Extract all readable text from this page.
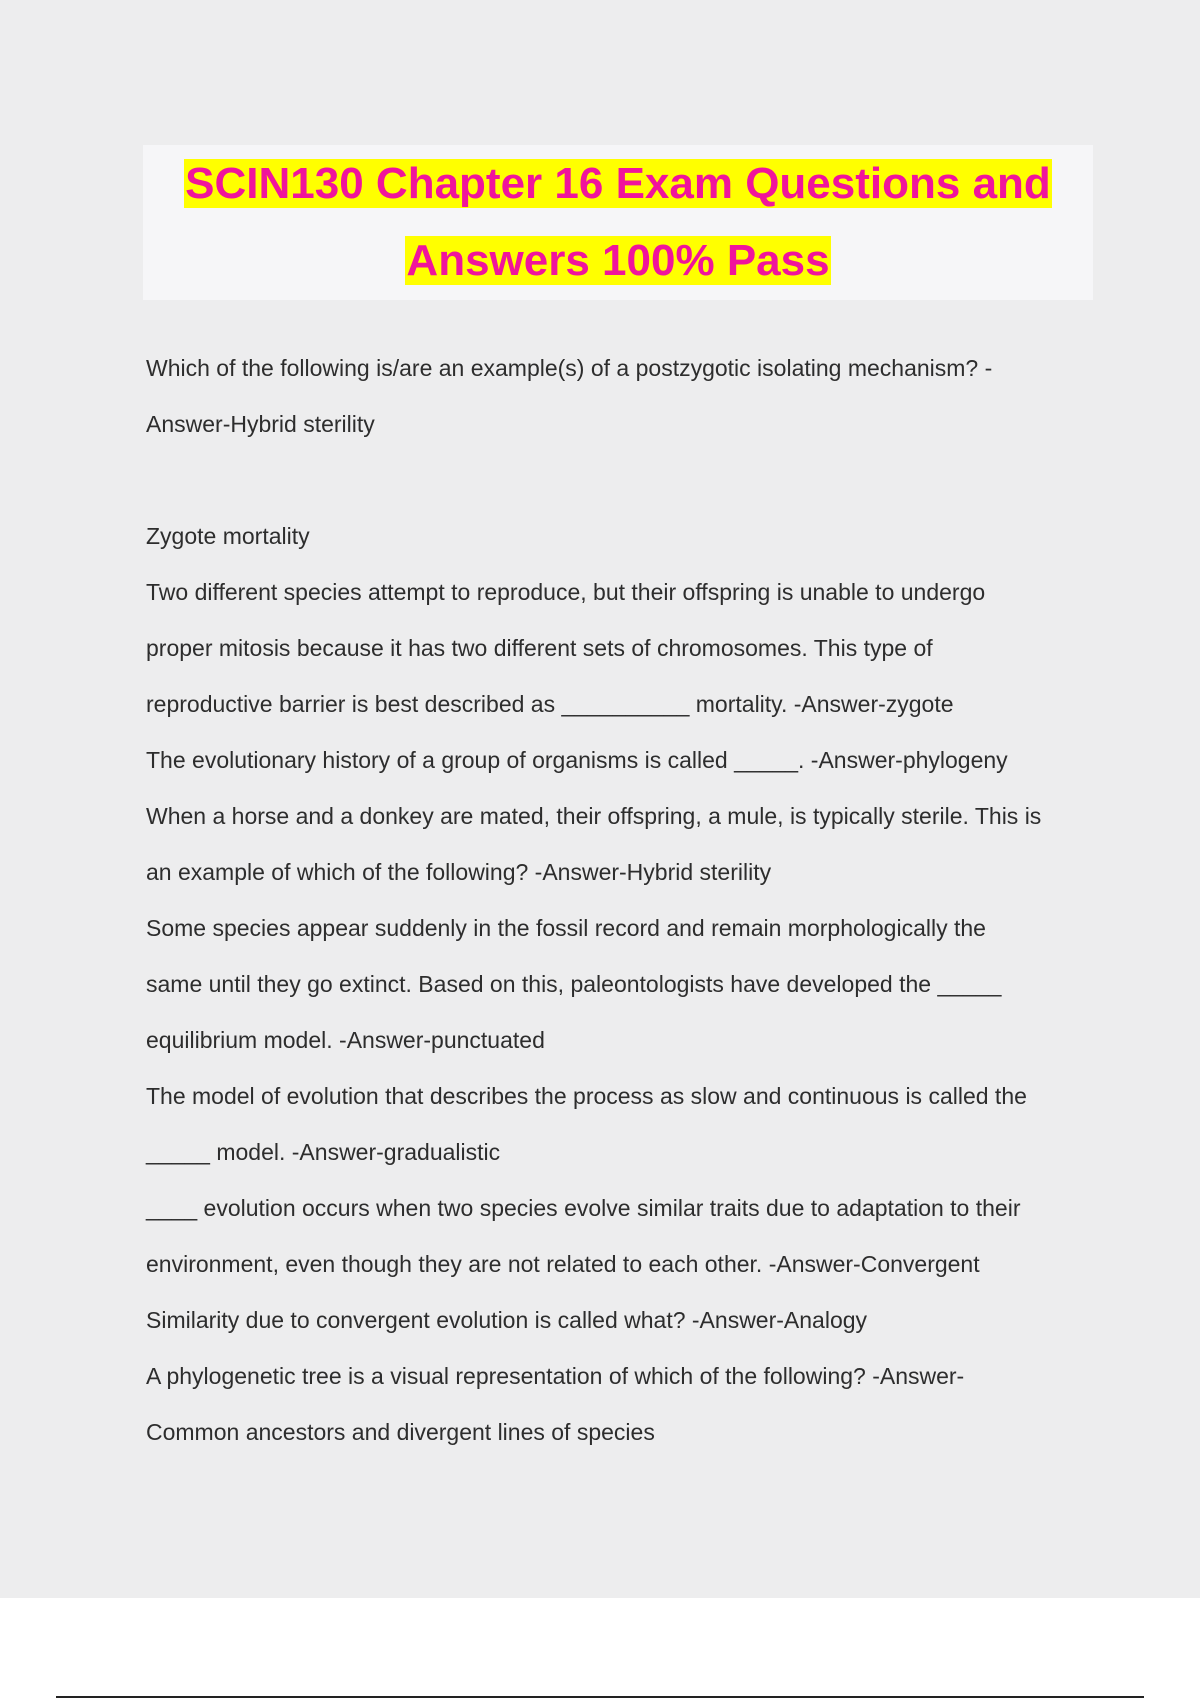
SCIN130 Chapter 16 Exam Questions and
Answers 100% Pass
Which of the following is/are an example(s) of a postzygotic isolating mechanism? -
Answer-Hybrid sterility
Zygote mortality
Two different species attempt to reproduce, but their offspring is unable to undergo
proper mitosis because it has two different sets of chromosomes. This type of
reproductive barrier is best described as __________ mortality. -Answer-zygote
The evolutionary history of a group of organisms is called _____. -Answer-phylogeny
When a horse and a donkey are mated, their offspring, a mule, is typically sterile. This is
an example of which of the following? -Answer-Hybrid sterility
Some species appear suddenly in the fossil record and remain morphologically the
same until they go extinct. Based on this, paleontologists have developed the _____
equilibrium model. -Answer-punctuated
The model of evolution that describes the process as slow and continuous is called the
_____ model. -Answer-gradualistic
____ evolution occurs when two species evolve similar traits due to adaptation to their
environment, even though they are not related to each other. -Answer-Convergent
Similarity due to convergent evolution is called what? -Answer-Analogy
A phylogenetic tree is a visual representation of which of the following? -Answer-
Common ancestors and divergent lines of species
